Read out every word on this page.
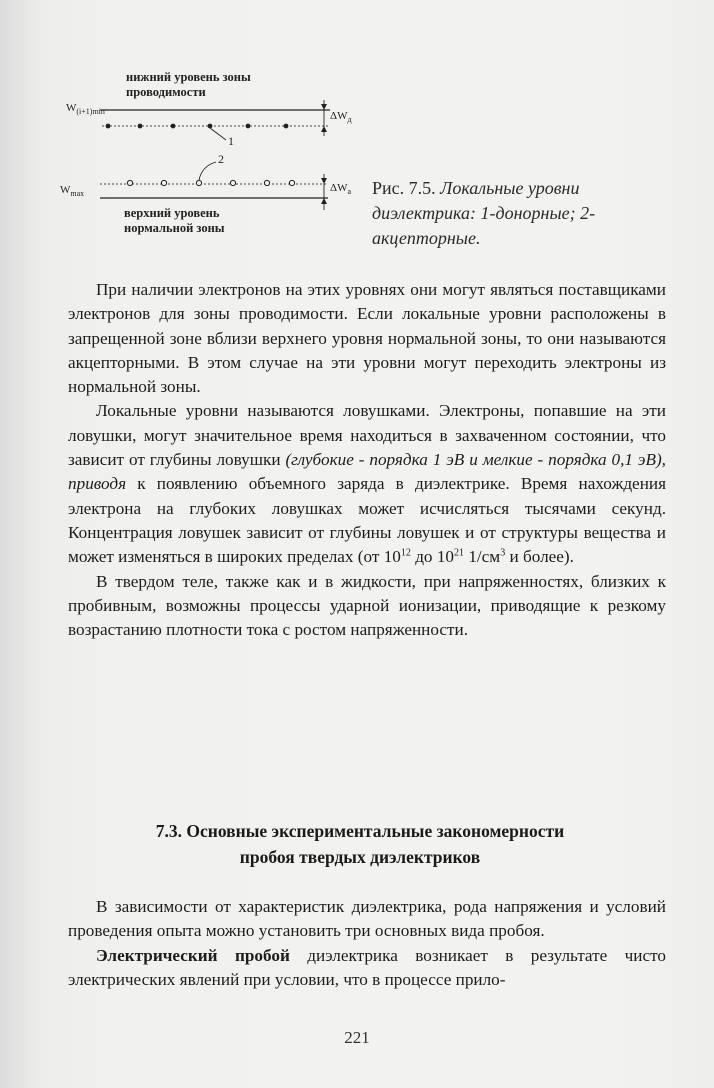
нижний уровень зоны
проводимости
$W_{(i+1)min}$	$\Delta W_д$
1
2
$W_{max}$	$\Delta W_а$
верхний уровень
нормальной зоны
Рис. 7.5. Локальные уровни диэлектрика: 1-донорные; 2-акцепторные.

При наличии электронов на этих уровнях они могут являться поставщиками электронов для зоны проводимости. Если локальные уровни расположены в запрещенной зоне вблизи верхнего уровня нормальной зоны, то они называются акцепторными. В этом случае на эти уровни могут переходить электроны из нормальной зоны.

Локальные уровни называются ловушками. Электроны, попавшие на эти ловушки, могут значительное время находиться в захваченном состоянии, что зависит от глубины ловушки (глубокие - порядка 1 эВ и мелкие - порядка 0,1 эВ), приводя к появлению объемного заряда в диэлектрике. Время нахождения электрона на глубоких ловушках может исчисляться тысячами секунд. Концентрация ловушек зависит от глубины ловушек и от структуры вещества и может изменяться в широких пределах (от $10^{12}$ до $10^{21}$ $1/см^3$ и более).

В твердом теле, также как и в жидкости, при напряженностях, близких к пробивным, возможны процессы ударной ионизации, приводящие к резкому возрастанию плотности тока с ростом напряженности.

7.3. Основные экспериментальные закономерности
пробоя твердых диэлектриков

В зависимости от характеристик диэлектрика, рода напряжения и условий проведения опыта можно установить три основных вида пробоя.

Электрический пробой диэлектрика возникает в результате чисто электрических явлений при условии, что в процессе прило-

221
